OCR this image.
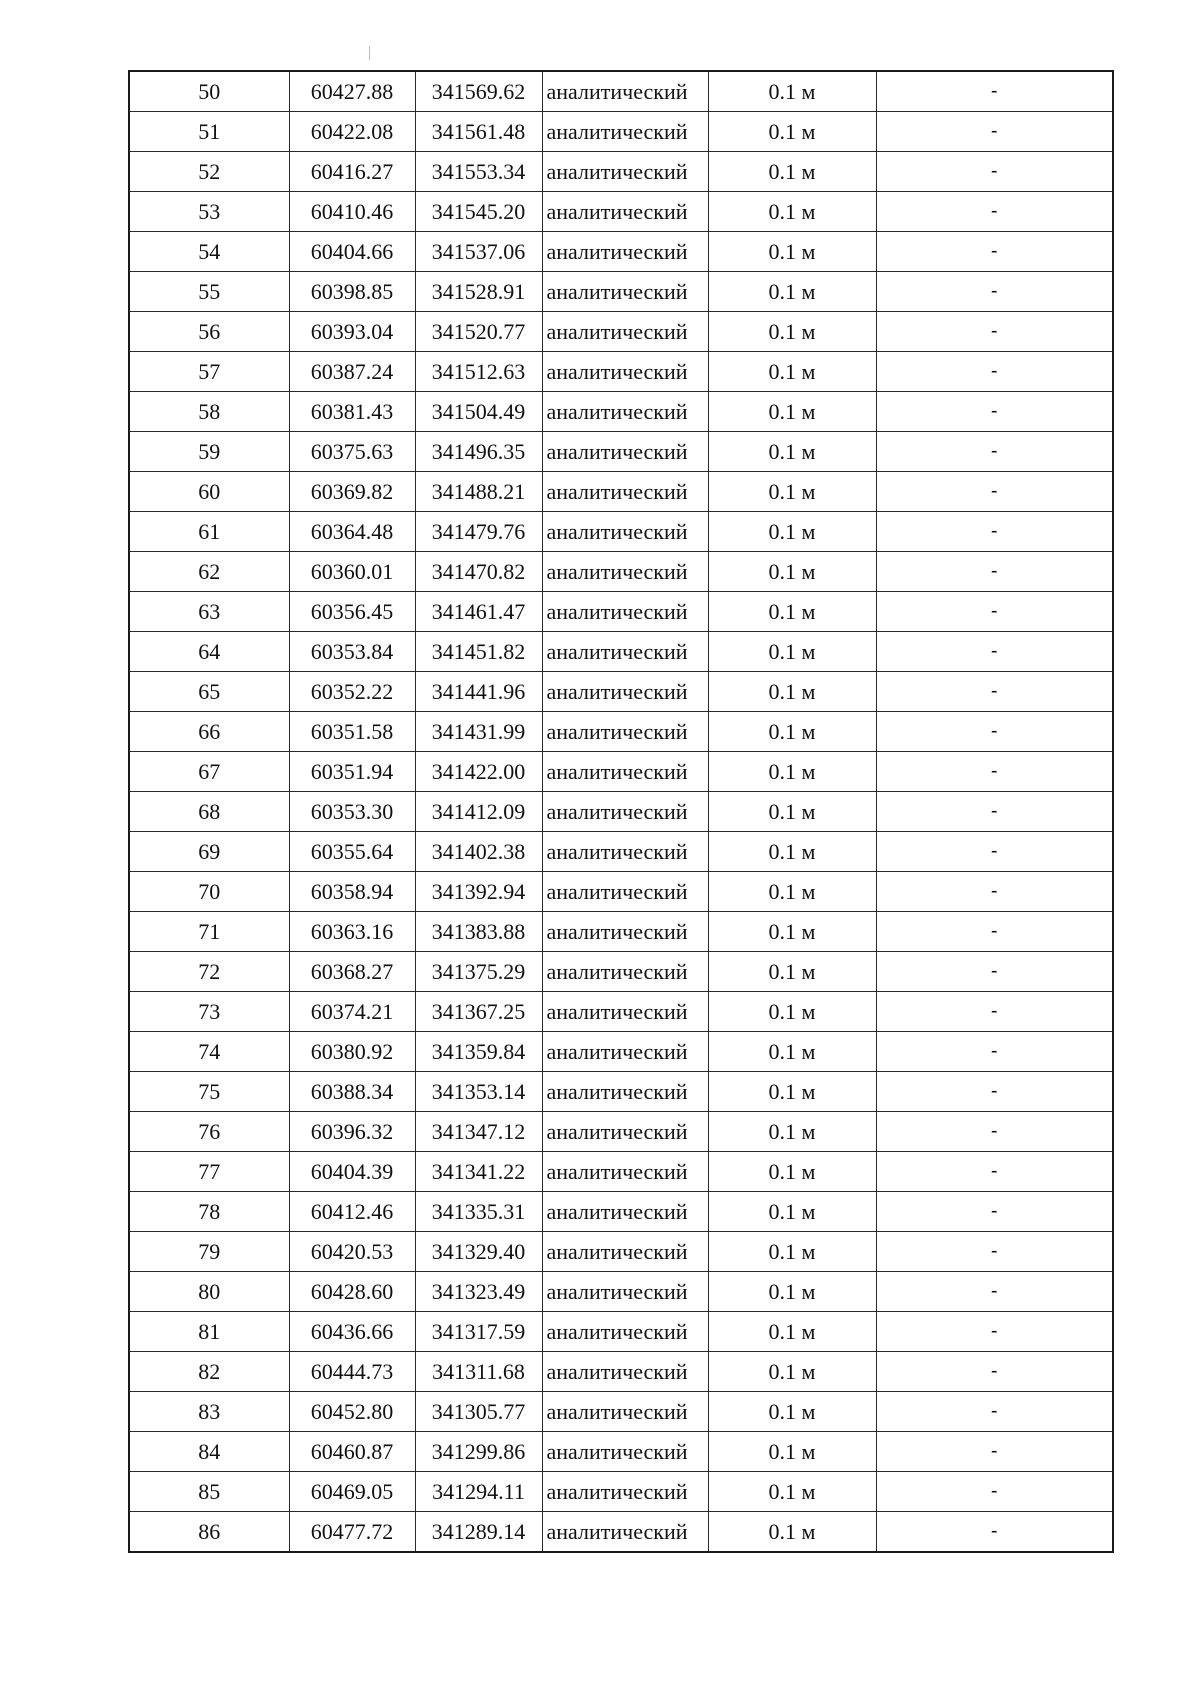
50	60427.88	341569.62	аналитический	0.1 м	-
51	60422.08	341561.48	аналитический	0.1 м	-
52	60416.27	341553.34	аналитический	0.1 м	-
53	60410.46	341545.20	аналитический	0.1 м	-
54	60404.66	341537.06	аналитический	0.1 м	-
55	60398.85	341528.91	аналитический	0.1 м	-
56	60393.04	341520.77	аналитический	0.1 м	-
57	60387.24	341512.63	аналитический	0.1 м	-
58	60381.43	341504.49	аналитический	0.1 м	-
59	60375.63	341496.35	аналитический	0.1 м	-
60	60369.82	341488.21	аналитический	0.1 м	-
61	60364.48	341479.76	аналитический	0.1 м	-
62	60360.01	341470.82	аналитический	0.1 м	-
63	60356.45	341461.47	аналитический	0.1 м	-
64	60353.84	341451.82	аналитический	0.1 м	-
65	60352.22	341441.96	аналитический	0.1 м	-
66	60351.58	341431.99	аналитический	0.1 м	-
67	60351.94	341422.00	аналитический	0.1 м	-
68	60353.30	341412.09	аналитический	0.1 м	-
69	60355.64	341402.38	аналитический	0.1 м	-
70	60358.94	341392.94	аналитический	0.1 м	-
71	60363.16	341383.88	аналитический	0.1 м	-
72	60368.27	341375.29	аналитический	0.1 м	-
73	60374.21	341367.25	аналитический	0.1 м	-
74	60380.92	341359.84	аналитический	0.1 м	-
75	60388.34	341353.14	аналитический	0.1 м	-
76	60396.32	341347.12	аналитический	0.1 м	-
77	60404.39	341341.22	аналитический	0.1 м	-
78	60412.46	341335.31	аналитический	0.1 м	-
79	60420.53	341329.40	аналитический	0.1 м	-
80	60428.60	341323.49	аналитический	0.1 м	-
81	60436.66	341317.59	аналитический	0.1 м	-
82	60444.73	341311.68	аналитический	0.1 м	-
83	60452.80	341305.77	аналитический	0.1 м	-
84	60460.87	341299.86	аналитический	0.1 м	-
85	60469.05	341294.11	аналитический	0.1 м	-
86	60477.72	341289.14	аналитический	0.1 м	-
